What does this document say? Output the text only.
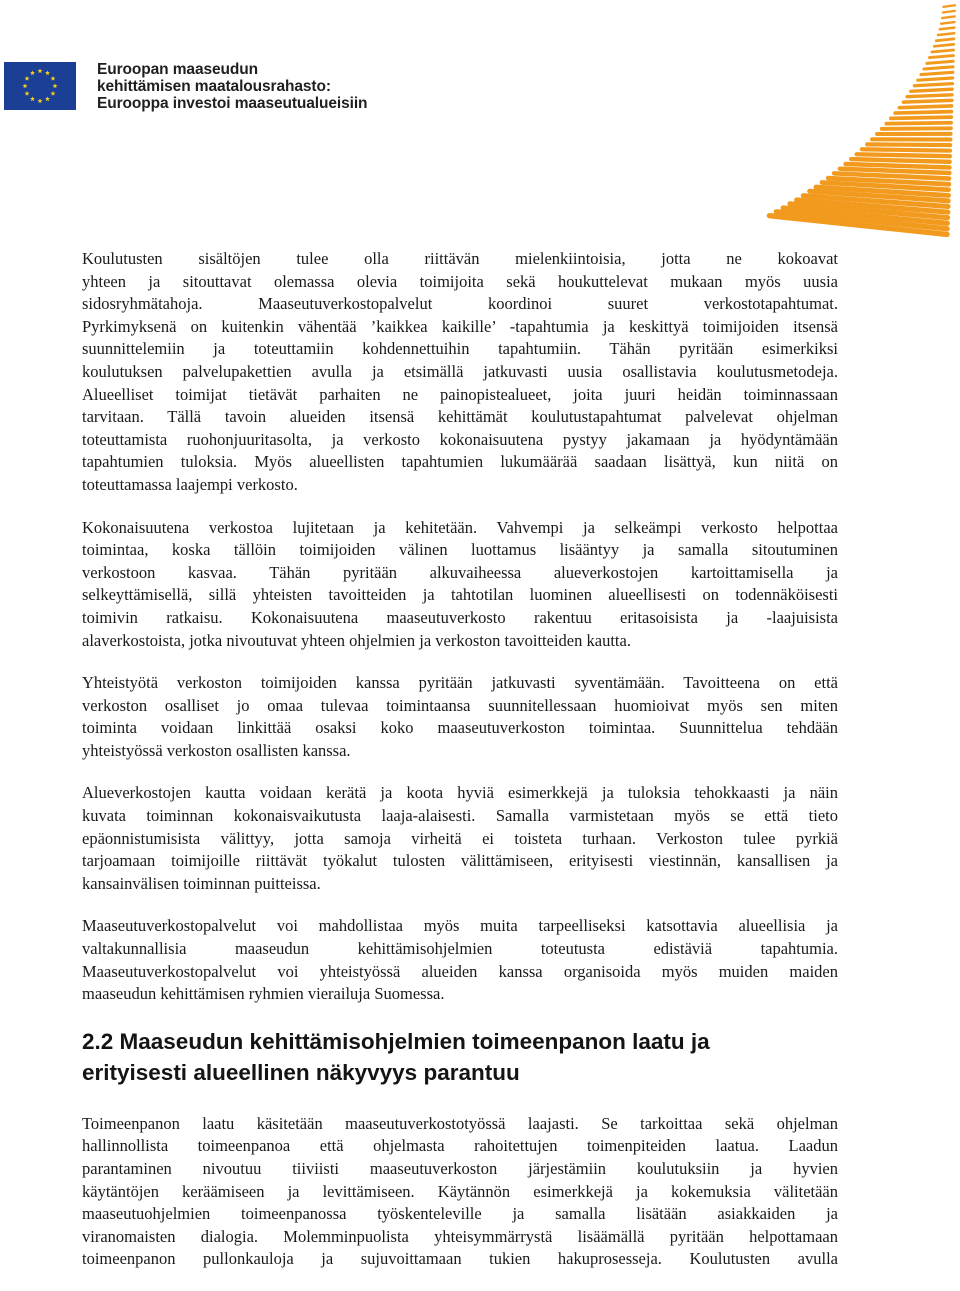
Euroopan maaseudun
kehittämisen maatalousrahasto:
Eurooppa investoi maaseutualueisiin
Koulutusten sisältöjen tulee olla riittävän mielenkiintoisia, jotta ne kokoavat
yhteen ja sitouttavat olemassa olevia toimijoita sekä houkuttelevat mukaan myös uusia
sidosryhmätahoja. Maaseutuverkostopalvelut koordinoi suuret verkostotapahtumat.
Pyrkimyksenä on kuitenkin vähentää ’kaikkea kaikille’ -tapahtumia ja keskittyä toimijoiden itsensä
suunnittelemiin ja toteuttamiin kohdennettuihin tapahtumiin. Tähän pyritään esimerkiksi
koulutuksen palvelupakettien avulla ja etsimällä jatkuvasti uusia osallistavia koulutusmetodeja.
Alueelliset toimijat tietävät parhaiten ne painopistealueet, joita juuri heidän toiminnassaan
tarvitaan. Tällä tavoin alueiden itsensä kehittämät koulutustapahtumat palvelevat ohjelman
toteuttamista ruohonjuuritasolta, ja verkosto kokonaisuutena pystyy jakamaan ja hyödyntämään
tapahtumien tuloksia. Myös alueellisten tapahtumien lukumäärää saadaan lisättyä, kun niitä on
toteuttamassa laajempi verkosto.
Kokonaisuutena verkostoa lujitetaan ja kehitetään. Vahvempi ja selkeämpi verkosto helpottaa
toimintaa, koska tällöin toimijoiden välinen luottamus lisääntyy ja samalla sitoutuminen
verkostoon kasvaa. Tähän pyritään alkuvaiheessa alueverkostojen kartoittamisella ja
selkeyttämisellä, sillä yhteisten tavoitteiden ja tahtotilan luominen alueellisesti on todennäköisesti
toimivin ratkaisu. Kokonaisuutena maaseutuverkosto rakentuu eritasoisista ja -laajuisista
alaverkostoista, jotka nivoutuvat yhteen ohjelmien ja verkoston tavoitteiden kautta.
Yhteistyötä verkoston toimijoiden kanssa pyritään jatkuvasti syventämään. Tavoitteena on että
verkoston osalliset jo omaa tulevaa toimintaansa suunnitellessaan huomioivat myös sen miten
toiminta voidaan linkittää osaksi koko maaseutuverkoston toimintaa. Suunnittelua tehdään
yhteistyössä verkoston osallisten kanssa.
Alueverkostojen kautta voidaan kerätä ja koota hyviä esimerkkejä ja tuloksia tehokkaasti ja näin
kuvata toiminnan kokonaisvaikutusta laaja-alaisesti. Samalla varmistetaan myös se että tieto
epäonnistumisista välittyy, jotta samoja virheitä ei toisteta turhaan. Verkoston tulee pyrkiä
tarjoamaan toimijoille riittävät työkalut tulosten välittämiseen, erityisesti viestinnän, kansallisen ja
kansainvälisen toiminnan puitteissa.
Maaseutuverkostopalvelut voi mahdollistaa myös muita tarpeelliseksi katsottavia alueellisia ja
valtakunnallisia maaseudun kehittämisohjelmien toteutusta edistäviä tapahtumia.
Maaseutuverkostopalvelut voi yhteistyössä alueiden kanssa organisoida myös muiden maiden
maaseudun kehittämisen ryhmien vierailuja Suomessa.
2.2 Maaseudun kehittämisohjelmien toimeenpanon laatu ja
erityisesti alueellinen näkyvyys parantuu
Toimeenpanon laatu käsitetään maaseutuverkostotyössä laajasti. Se tarkoittaa sekä ohjelman
hallinnollista toimeenpanoa että ohjelmasta rahoitettujen toimenpiteiden laatua. Laadun
parantaminen nivoutuu tiiviisti maaseutuverkoston järjestämiin koulutuksiin ja hyvien
käytäntöjen keräämiseen ja levittämiseen. Käytännön esimerkkejä ja kokemuksia välitetään
maaseutuohjelmien toimeenpanossa työskenteleville ja samalla lisätään asiakkaiden ja
viranomaisten dialogia. Molemminpuolista yhteisymmärrystä lisäämällä pyritään helpottamaan
toimeenpanon pullonkauloja ja sujuvoittamaan tukien hakuprosesseja. Koulutusten avulla
